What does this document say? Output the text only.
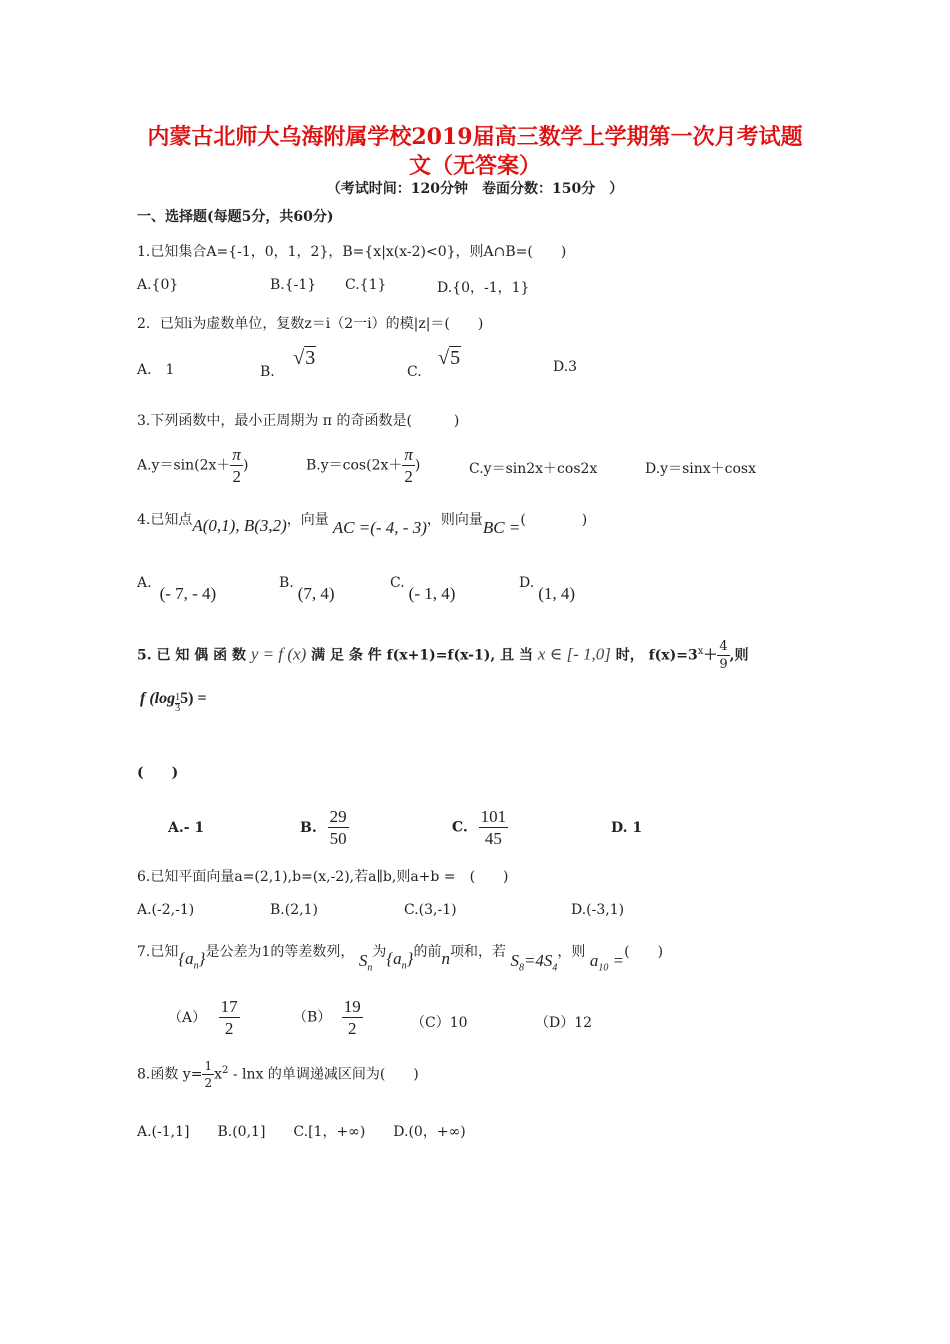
内蒙古北师大乌海附属学校2019届高三数学上学期第一次月考试题
文（无答案）
（考试时间：120分钟　卷面分数：150分　）
一、选择题(每题5分，共60分)
1.已知集合A={-1，0，1，2}，B={x|x(x-2)<0}，则A∩B=(　　)
A.{0}	B.{-1} C.{1}	D.{0，-1，1}
2．已知i为虚数单位，复数z＝i（2一i）的模|z|＝(　　)
A.　1	B. √3
C. √5	D.3
3.下列函数中，最小正周期为 π 的奇函数是(　　　)
$A.y=\sin(2x+ \frac{\pi}{2}$ )	$B.y=\cos(2x+ \frac{\pi}{2}$ )	C.y＝sin2x＋cos2x	D.y＝sinx＋cosx
4.已知点A(0,1), B(3,2)，向量 AC =(- 4, - 3)，则向量BC =(　　　　)
A.(- 7, - 4)
B.(7, 4)
C.(- 1, 4)
D.(1, 4)
5. 已 知 偶 函 数 y = f (x) 满 足 条 件 f(x+1)=f(x-1), 且 当 x ∈ [- 1,0] 时， $f(x)=3^x+ \frac{4}{9}$ ,则
f $(\log \frac{1}{3} 5)$ =
(　　)
A.- 1	B. $\frac{29}{50}$	C. $\frac{101}{45}$	D. 1
6.已知平面向量a=(2,1),b=(x,-2),若a∥b,则a+b =　(　　)
A.(-2,-1)	B.(2,1)	C.(3,-1)	D.(-3,1)
7.已知$\{a_n\}$是公差为1的等差数列， $S_n$为$\{a_n\}$的前n项和，若 $S_8=4S_4$，则 $a_{10}$ =(　　)
$(A) \frac{17}{2}$	$(B) \frac{19}{2}$	（C）10	（D）12
8.函数 $y= \frac{1}{2} x^2 - \ln x$ 的单调递减区间为(　　)
A.(-1,1]　　B.(0,1]　　C.[1，+∞)　　D.(0，+∞)
